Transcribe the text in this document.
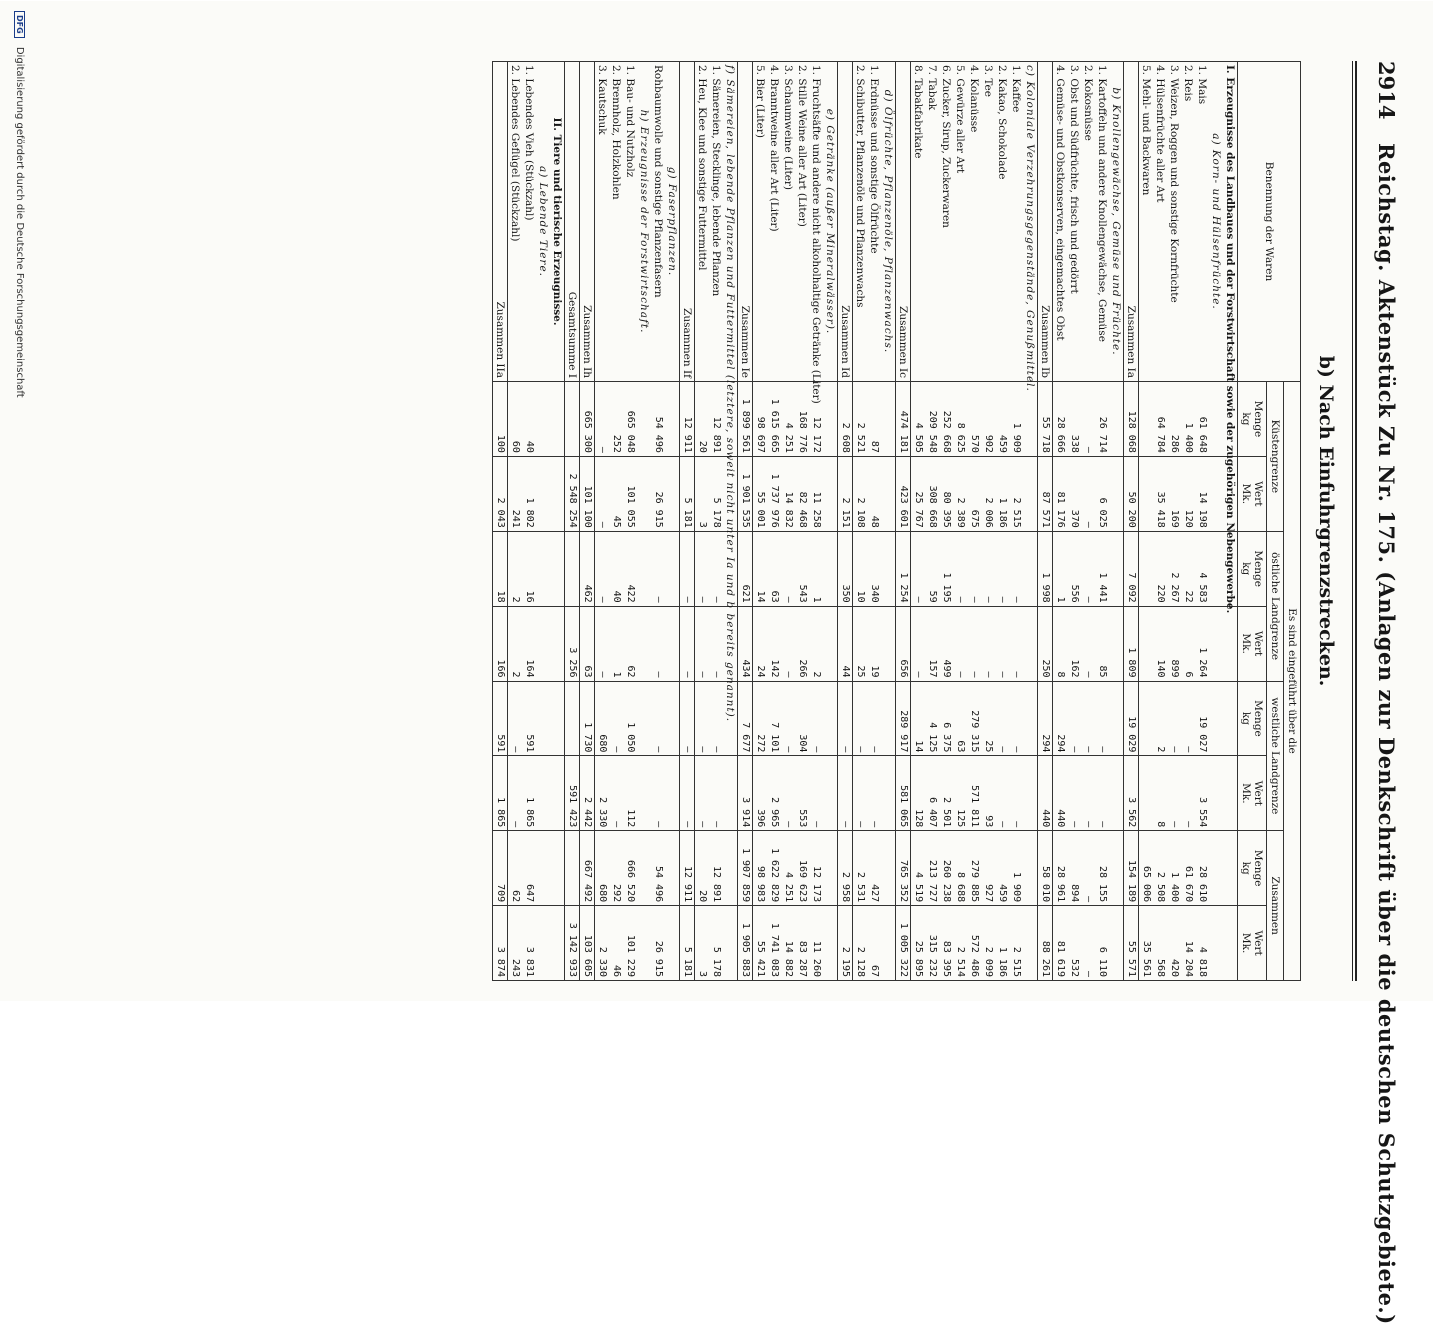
2914
Reichstag. Aktenstück Zu Nr. 175. (Anlagen zur Denkschrift über die deutschen Schutzgebiete.)
b) Nach Einfuhrgrenzstrecken.
Benennung der Waren	Es sind eingeführt über die							
	Küstengrenze		östliche Landgrenze		westliche Landgrenze		Zusammen	
	Menge
kg	Wert
Mk.	Menge
kg	Wert
Mk.	Menge
kg	Wert
Mk.	Menge
kg	Wert
Mk.
I. Erzeugnisse des Landbaues und der Forstwirtschaft sowie der zugehörigen Nebengewerbe.								
a) Korn- und Hülsenfrüchte.								
1. Mais	61 648	14 198	4 583	1 264	19 027	3 554	28 610	4 818
2. Reis	1 400	120	22	6	—	—	61 670	14 204
3. Weizen, Roggen und sonstige Kornfrüchte	286	169	2 267	899	—	—	1 400	420
4. Hülsenfrüchte aller Art	64 784	35 418	220	140	2	8	2 508	568
5. Mehl- und Backwaren							65 006	35 561
Zusammen Ia	128 068	50 200	7 092	1 809	19 029	3 562	154 189	55 571
b) Knollengewächse, Gemüse und Früchte.								
1. Kartoffeln und andere Knollengewächse, Gemüse	26 714	6 025	1 441	85	—	—	28 155	6 110
2. Kokosnüsse	—	—	—	—	—	—	—	—
3. Obst und Südfrüchte, frisch und gedörrt	338	370	556	162	—	—	894	532
4. Gemüse- und Obstkonserven, eingemachtes Obst	28 666	81 176	1	8	294	440	28 961	81 619
Zusammen Ib	55 718	87 571	1 998	250	294	440	58 010	88 261
c) Koloniale Verzehrungsgegenstände, Genußmittel.								
1. Kaffee	1 909	2 515	—	—	—	—	1 909	2 515
2. Kakao, Schokolade	459	1 186	—	—	—	—	459	1 186
3. Tee	902	2 006	—	—	25	93	927	2 099
4. Kolanüsse	570	675	—	—	279 315	571 811	279 885	572 486
5. Gewürze aller Art	8 625	2 389	—	—	63	125	8 688	2 514
6. Zucker, Sirup, Zuckerwaren	252 668	80 395	1 195	499	6 375	2 501	260 238	83 395
7. Tabak	209 548	308 668	59	157	4 125	6 407	213 727	315 232
8. Tabakfabrikate	4 505	25 767	—	—	14	128	4 519	25 895
Zusammen Ic	474 181	423 601	1 254	656	289 917	581 065	765 352	1 005 322
d) Ölfrüchte, Pflanzenöle, Pflanzenwachs.								
1. Erdnüsse und sonstige Ölfrüchte	87	48	340	19	—	—	427	67
2. Schibutter, Pflanzenöle und Pflanzenwachs	2 521	2 108	10	25	—	—	2 531	2 128
Zusammen Id	2 608	2 151	350	44	—	—	2 958	2 195
e) Getränke (außer Mineralwässer).								
1. Fruchtsäfte und andere nicht alkoholhaltige Getränke (Liter)	12 172	11 258	1	2	—	—	12 173	11 260
2. Stille Weine aller Art (Liter)	168 776	82 468	543	266	304	553	169 623	83 287
3. Schaumweine (Liter)	4 251	14 832	—	—	—	—	4 251	14 882
4. Branntweine aller Art (Liter)	1 615 665	1 737 976	63	142	7 101	2 965	1 622 829	1 741 083
5. Bier (Liter)	98 697	55 001	14	24	272	396	98 983	55 421
Zusammen Ie	1 899 561	1 901 535	621	434	7 677	3 914	1 907 859	1 905 883
f) Sämereien, lebende Pflanzen und Futtermittel (letztere, soweit nicht unter Ia und b bereits genannt).								
1. Sämereien, Stecklinge, lebende Pflanzen	12 891	5 178	—	—	—	—	12 891	5 178
2. Heu, Klee und sonstige Futtermittel	20	3	—	—	—	—	20	3
Zusammen If	12 911	5 181	—	—	—	—	12 911	5 181
g) Faserpflanzen.								
Rohbaumwolle und sonstige Pflanzenfasern	54 496	26 915	—	—	—	—	54 496	26 915
h) Erzeugnisse der Forstwirtschaft.								
1. Bau- und Nutzholz	665 048	101 055	422	62	1 050	112	666 520	101 229
2. Brennholz, Holzkohlen	252	45	40	1	—	—	292	46
3. Kautschuk	—	—	—	—	680	2 330	680	2 330
Zusammen Ih	665 300	101 100	462	63	1 730	2 442	667 492	103 605
Gesamtsumme I		2 548 254		3 256		591 423		3 142 933
II. Tiere und tierische Erzeugnisse.								
a) Lebende Tiere.								
1. Lebendes Vieh (Stückzahl)	40	1 802	16	164	591	1 865	647	3 831
2. Lebendes Geflügel (Stückzahl)	60	241	2	2	—	—	62	243
Zusammen IIa	100	2 043	18	166	591	1 865	709	3 874
DFG Digitalisierung gefördert durch die Deutsche Forschungsgemeinschaft
